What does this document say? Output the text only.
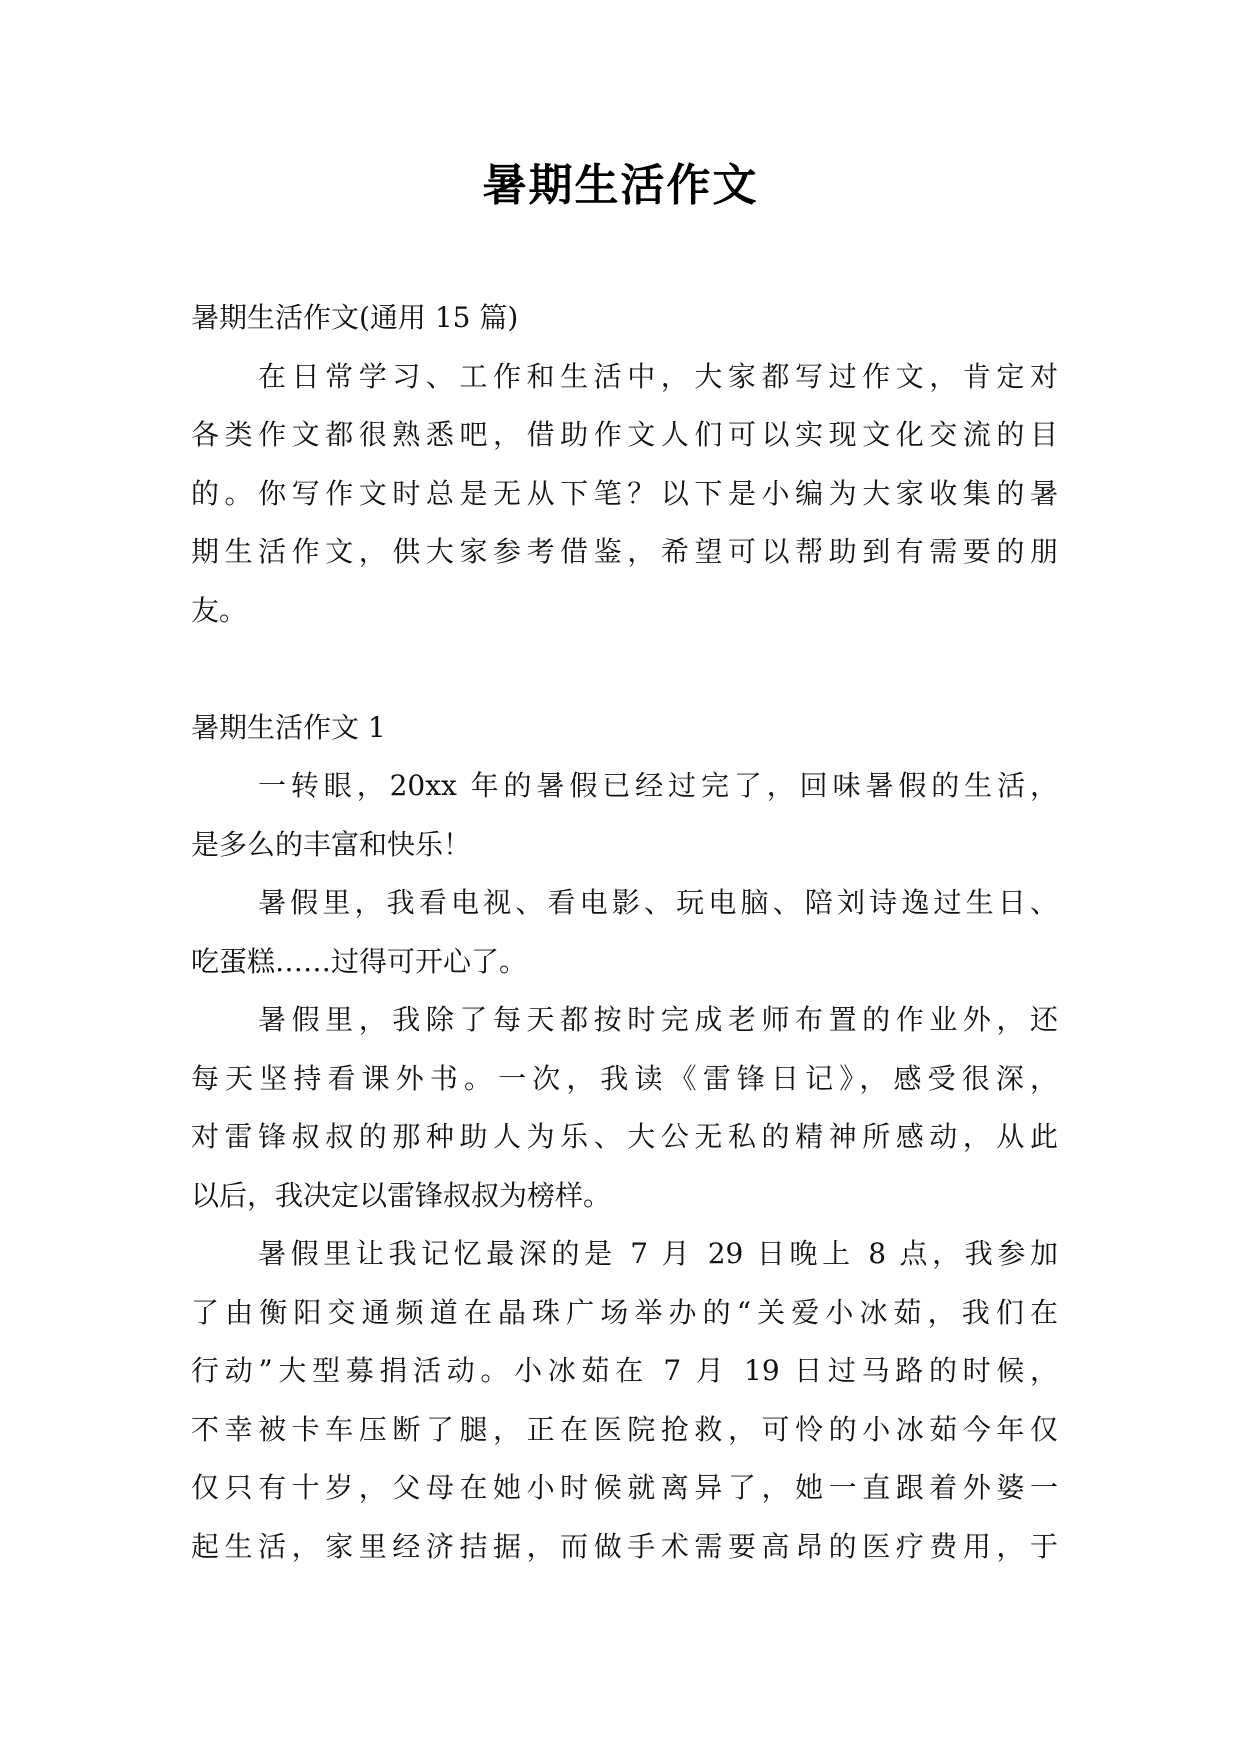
暑期生活作文
暑期生活作文(通用 15 篇)
在日常学习、工作和生活中，大家都写过作文，肯定对
各类作文都很熟悉吧，借助作文人们可以实现文化交流的目
的。你写作文时总是无从下笔？以下是小编为大家收集的暑
期生活作文，供大家参考借鉴，希望可以帮助到有需要的朋
友。
暑期生活作文 1
一转眼，20xx 年的暑假已经过完了，回味暑假的生活，
是多么的丰富和快乐！
暑假里，我看电视、看电影、玩电脑、陪刘诗逸过生日、
吃蛋糕……过得可开心了。
暑假里，我除了每天都按时完成老师布置的作业外，还
每天坚持看课外书。一次，我读《雷锋日记》，感受很深，
对雷锋叔叔的那种助人为乐、大公无私的精神所感动，从此
以后，我决定以雷锋叔叔为榜样。
暑假里让我记忆最深的是 7 月 29 日晚上 8 点，我参加
了由衡阳交通频道在晶珠广场举办的“关爱小冰茹，我们在
行动”大型募捐活动。小冰茹在 7 月 19 日过马路的时候，
不幸被卡车压断了腿，正在医院抢救，可怜的小冰茹今年仅
仅只有十岁，父母在她小时候就离异了，她一直跟着外婆一
起生活，家里经济拮据，而做手术需要高昂的医疗费用，于
